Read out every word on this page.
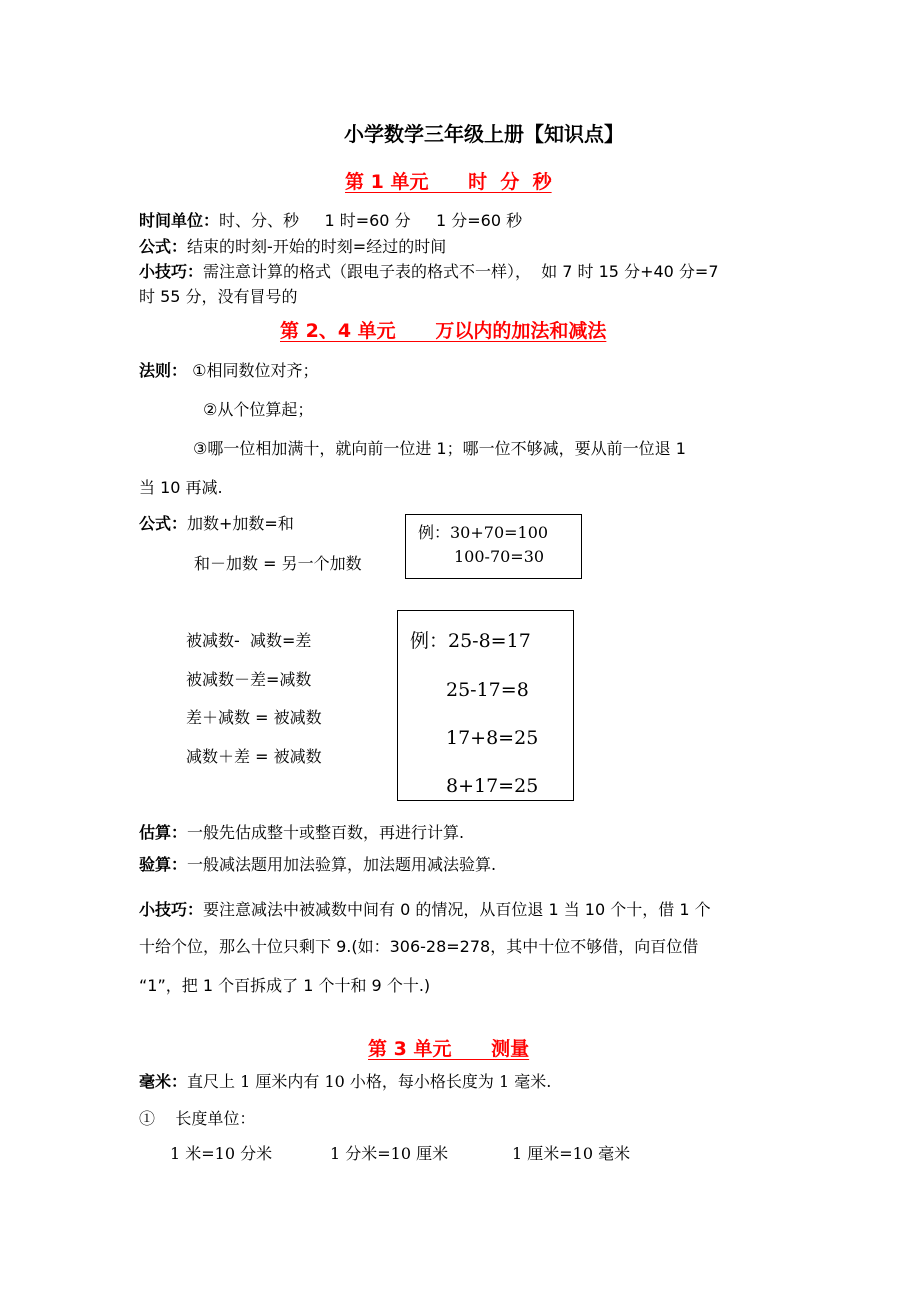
小学数学三年级上册【知识点】
第 1 单元      时  分  秒
时间单位：时、分、秒     1 时=60 分     1 分=60 秒
公式：结束的时刻-开始的时刻=经过的时间
小技巧：需注意计算的格式（跟电子表的格式不一样），  如 7 时 15 分+40 分=7
时 55 分，没有冒号的
第 2、4 单元      万以内的加法和减法
法则： ①相同数位对齐；
②从个位算起；
③哪一位相加满十，就向前一位进 1；哪一位不够减，要从前一位退 1
当 10 再减.
公式：加数+加数=和
和－加数 = 另一个加数
例：30+70=100
100-70=30
被减数-  减数=差
被减数－差=减数
差＋减数 = 被减数
减数＋差 = 被减数
例：25-8=17
25-17=8
17+8=25
8+17=25
估算：一般先估成整十或整百数，再进行计算.
验算：一般减法题用加法验算，加法题用减法验算.
小技巧：要注意减法中被减数中间有 0 的情况，从百位退 1 当 10 个十，借 1 个
十给个位，那么十位只剩下 9.(如：306-28=278，其中十位不够借，向百位借
“1”，把 1 个百拆成了 1 个十和 9 个十.)
第 3 单元      测量
毫米：直尺上 1 厘米内有 10 小格，每小格长度为 1 毫米.
①    长度单位：
1 米=10 分米	1 分米=10 厘米	1 厘米=10 毫米
